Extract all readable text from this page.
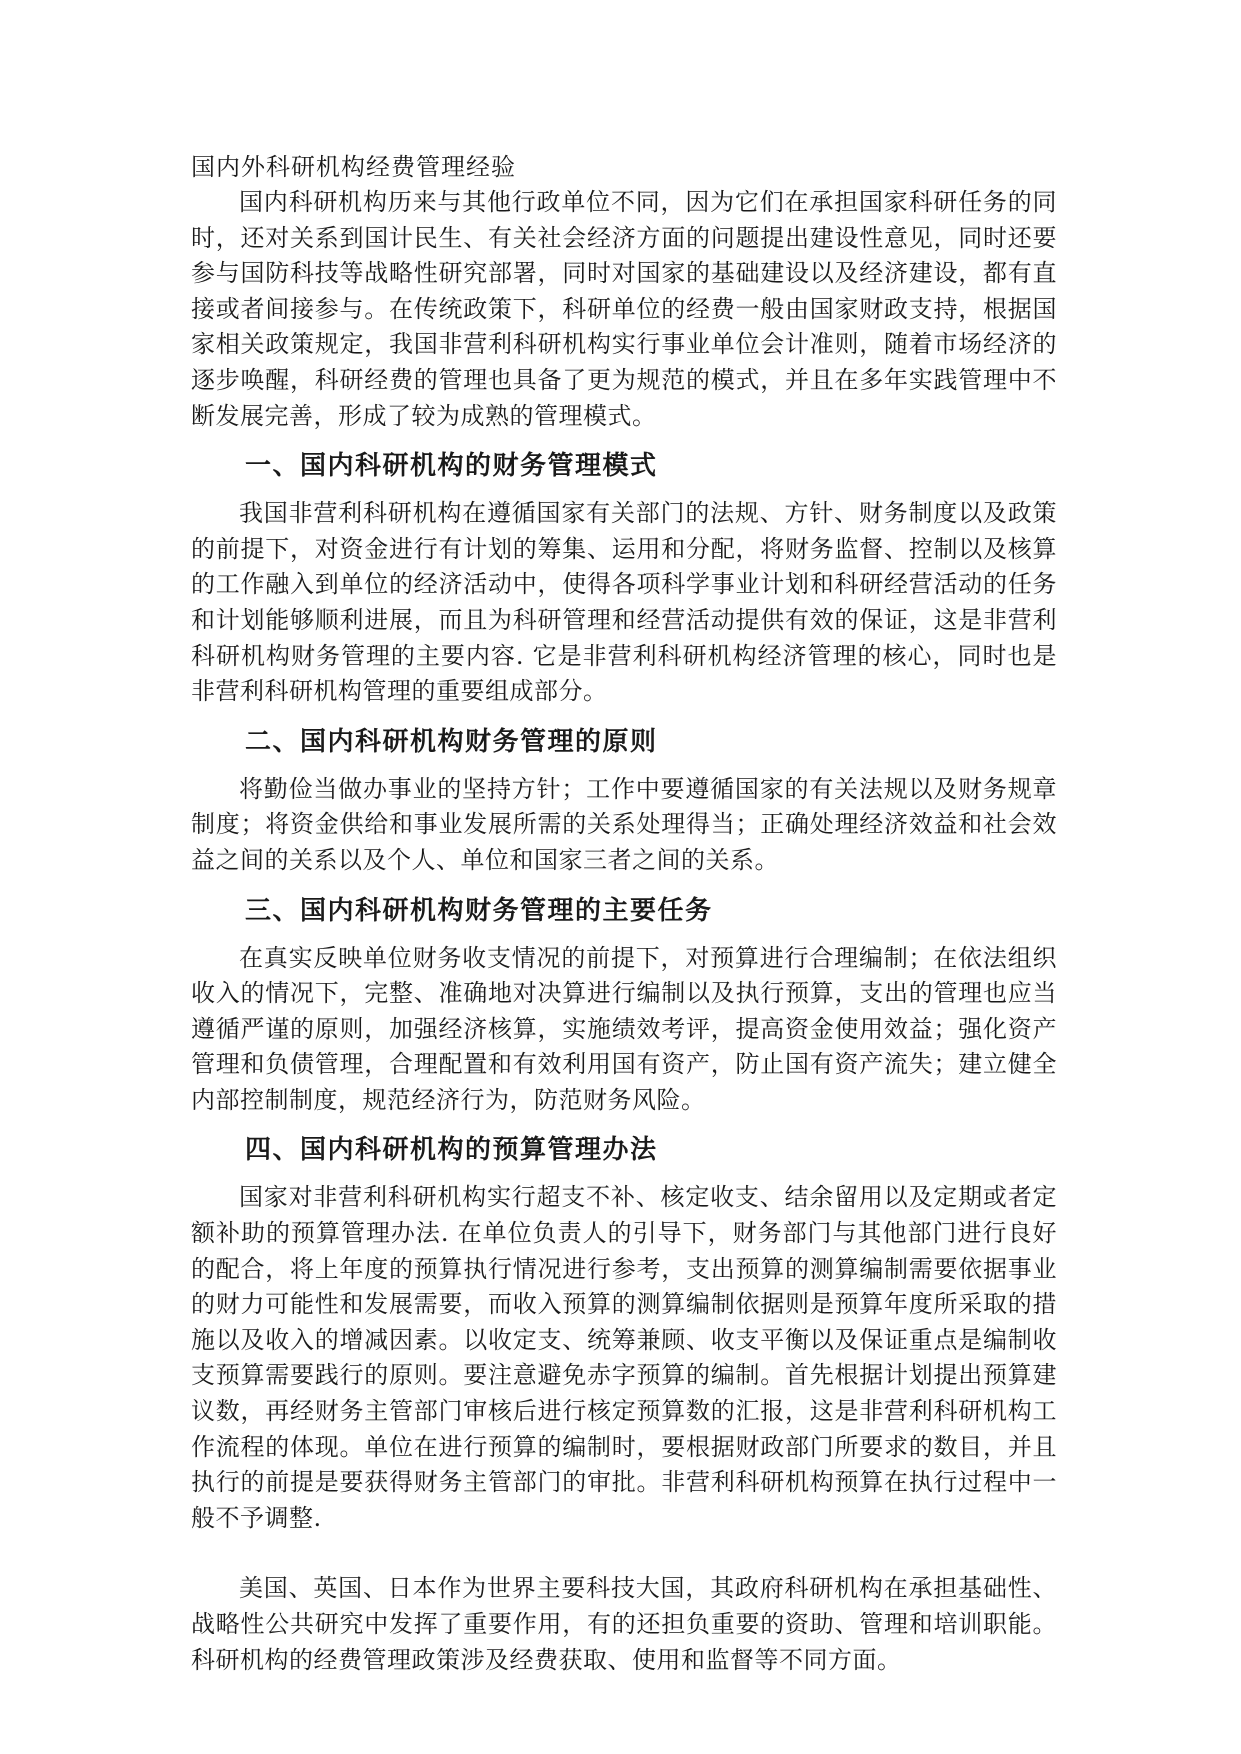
国内外科研机构经费管理经验

国内科研机构历来与其他行政单位不同，因为它们在承担国家科研任务的同时，还对关系到国计民生、有关社会经济方面的问题提出建设性意见，同时还要参与国防科技等战略性研究部署，同时对国家的基础建设以及经济建设，都有直接或者间接参与。在传统政策下，科研单位的经费一般由国家财政支持，根据国家相关政策规定，我国非营利科研机构实行事业单位会计准则，随着市场经济的逐步唤醒，科研经费的管理也具备了更为规范的模式，并且在多年实践管理中不断发展完善，形成了较为成熟的管理模式。

一、国内科研机构的财务管理模式

我国非营利科研机构在遵循国家有关部门的法规、方针、财务制度以及政策的前提下，对资金进行有计划的筹集、运用和分配，将财务监督、控制以及核算的工作融入到单位的经济活动中，使得各项科学事业计划和科研经营活动的任务和计划能够顺利进展，而且为科研管理和经营活动提供有效的保证，这是非营利科研机构财务管理的主要内容. 它是非营利科研机构经济管理的核心，同时也是非营利科研机构管理的重要组成部分。

二、国内科研机构财务管理的原则

将勤俭当做办事业的坚持方针；工作中要遵循国家的有关法规以及财务规章制度；将资金供给和事业发展所需的关系处理得当；正确处理经济效益和社会效益之间的关系以及个人、单位和国家三者之间的关系。

三、国内科研机构财务管理的主要任务

在真实反映单位财务收支情况的前提下，对预算进行合理编制；在依法组织收入的情况下，完整、准确地对决算进行编制以及执行预算，支出的管理也应当遵循严谨的原则，加强经济核算，实施绩效考评，提高资金使用效益；强化资产管理和负债管理，合理配置和有效利用国有资产，防止国有资产流失；建立健全内部控制制度，规范经济行为，防范财务风险。

四、国内科研机构的预算管理办法

国家对非营利科研机构实行超支不补、核定收支、结余留用以及定期或者定额补助的预算管理办法. 在单位负责人的引导下，财务部门与其他部门进行良好的配合，将上年度的预算执行情况进行参考，支出预算的测算编制需要依据事业的财力可能性和发展需要，而收入预算的测算编制依据则是预算年度所采取的措施以及收入的增减因素。以收定支、统筹兼顾、收支平衡以及保证重点是编制收支预算需要践行的原则。要注意避免赤字预算的编制。首先根据计划提出预算建议数，再经财务主管部门审核后进行核定预算数的汇报，这是非营利科研机构工作流程的体现。单位在进行预算的编制时，要根据财政部门所要求的数目，并且执行的前提是要获得财务主管部门的审批。非营利科研机构预算在执行过程中一般不予调整.

美国、英国、日本作为世界主要科技大国，其政府科研机构在承担基础性、战略性公共研究中发挥了重要作用，有的还担负重要的资助、管理和培训职能。科研机构的经费管理政策涉及经费获取、使用和监督等不同方面。
